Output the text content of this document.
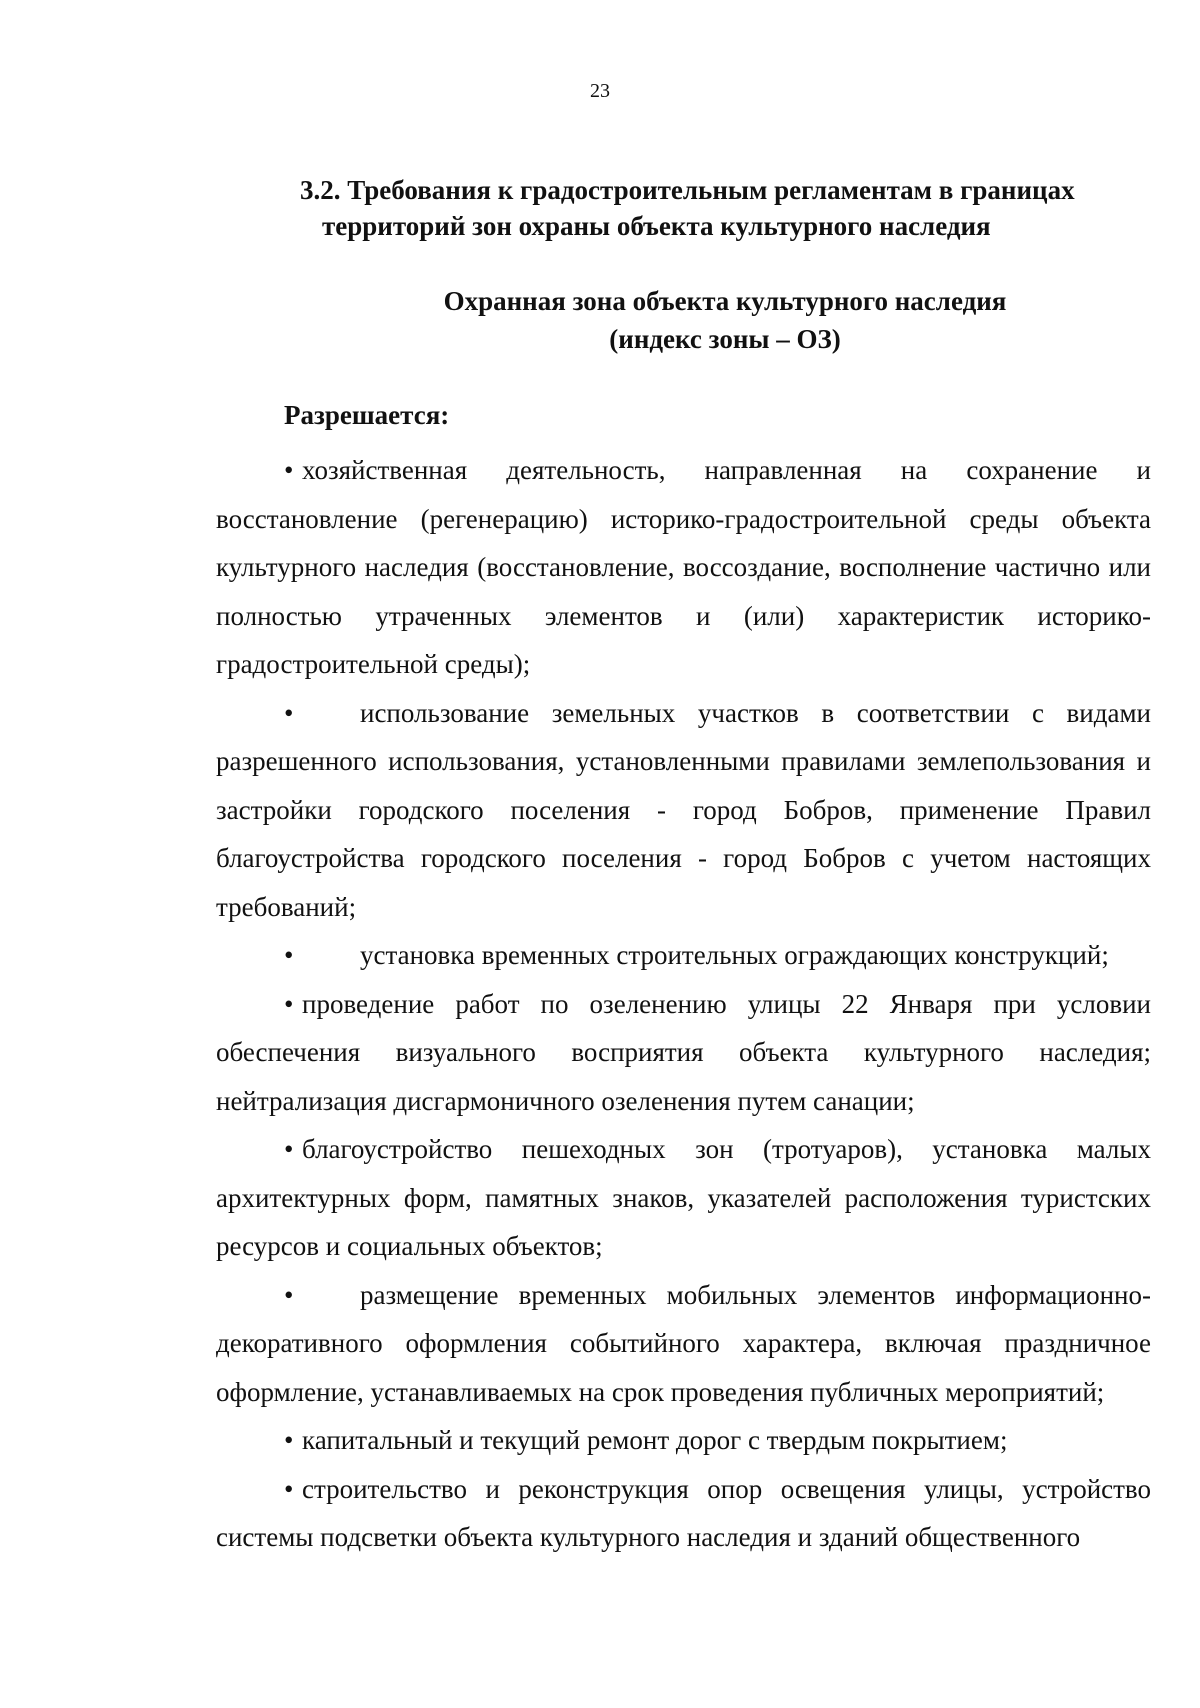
23
3.2. Требования к градостроительным регламентам в границах
территорий зон охраны объекта культурного наследия
Охранная зона объекта культурного наследия
(индекс зоны – ОЗ)
Разрешается:

• хозяйственная деятельность, направленная на сохранение и восстановление (регенерацию) историко-градостроительной среды объекта культурного наследия (восстановление, воссоздание, восполнение частично или полностью утраченных элементов и (или) характеристик историко-градостроительной среды);

• использование земельных участков в соответствии с видами разрешенного использования, установленными правилами землепользования и застройки городского поселения - город Бобров, применение Правил благоустройства городского поселения - город Бобров с учетом настоящих требований;

• установка временных строительных ограждающих конструкций;

• проведение работ по озеленению улицы 22 Января при условии обеспечения визуального восприятия объекта культурного наследия; нейтрализация дисгармоничного озеленения путем санации;

• благоустройство пешеходных зон (тротуаров), установка малых архитектурных форм, памятных знаков, указателей расположения туристских ресурсов и социальных объектов;

• размещение временных мобильных элементов информационно-декоративного оформления событийного характера, включая праздничное оформление, устанавливаемых на срок проведения публичных мероприятий;

• капитальный и текущий ремонт дорог с твердым покрытием;

• строительство и реконструкция опор освещения улицы, устройство системы подсветки объекта культурного наследия и зданий общественного
